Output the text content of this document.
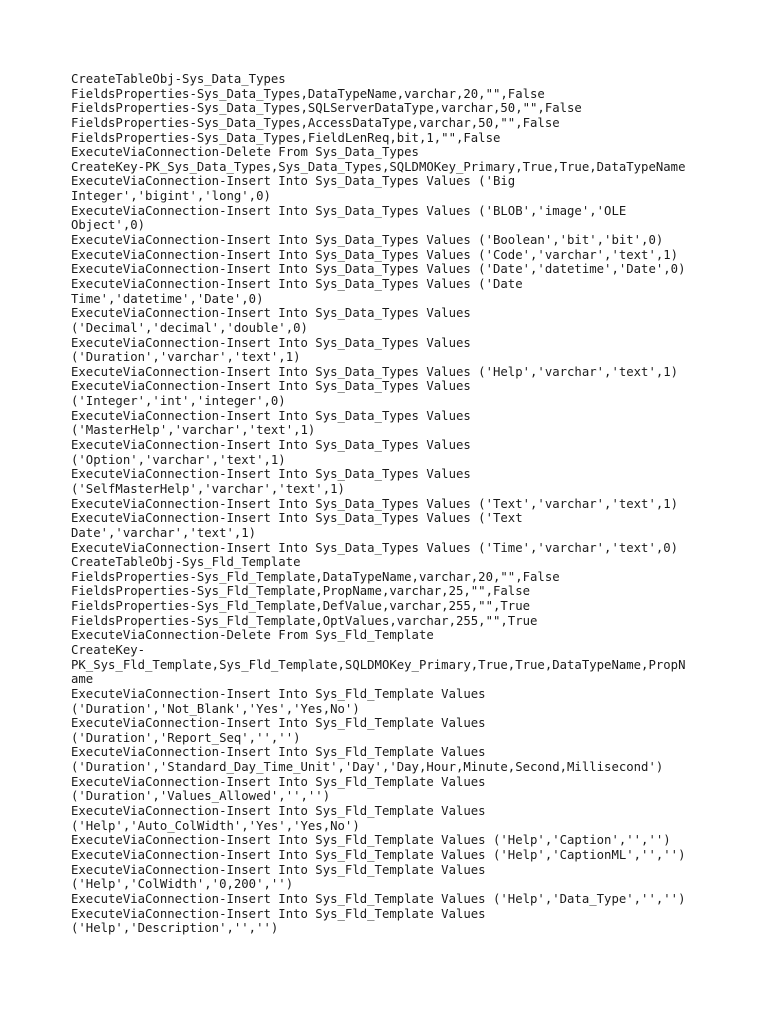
CreateTableObj-Sys_Data_Types
FieldsProperties-Sys_Data_Types,DataTypeName,varchar,20,"",False
FieldsProperties-Sys_Data_Types,SQLServerDataType,varchar,50,"",False
FieldsProperties-Sys_Data_Types,AccessDataType,varchar,50,"",False
FieldsProperties-Sys_Data_Types,FieldLenReq,bit,1,"",False
ExecuteViaConnection-Delete From Sys_Data_Types
CreateKey-PK_Sys_Data_Types,Sys_Data_Types,SQLDMOKey_Primary,True,True,DataTypeName
ExecuteViaConnection-Insert Into Sys_Data_Types Values ('Big
Integer','bigint','long',0)
ExecuteViaConnection-Insert Into Sys_Data_Types Values ('BLOB','image','OLE
Object',0)
ExecuteViaConnection-Insert Into Sys_Data_Types Values ('Boolean','bit','bit',0)
ExecuteViaConnection-Insert Into Sys_Data_Types Values ('Code','varchar','text',1)
ExecuteViaConnection-Insert Into Sys_Data_Types Values ('Date','datetime','Date',0)
ExecuteViaConnection-Insert Into Sys_Data_Types Values ('Date
Time','datetime','Date',0)
ExecuteViaConnection-Insert Into Sys_Data_Types Values
('Decimal','decimal','double',0)
ExecuteViaConnection-Insert Into Sys_Data_Types Values
('Duration','varchar','text',1)
ExecuteViaConnection-Insert Into Sys_Data_Types Values ('Help','varchar','text',1)
ExecuteViaConnection-Insert Into Sys_Data_Types Values
('Integer','int','integer',0)
ExecuteViaConnection-Insert Into Sys_Data_Types Values
('MasterHelp','varchar','text',1)
ExecuteViaConnection-Insert Into Sys_Data_Types Values
('Option','varchar','text',1)
ExecuteViaConnection-Insert Into Sys_Data_Types Values
('SelfMasterHelp','varchar','text',1)
ExecuteViaConnection-Insert Into Sys_Data_Types Values ('Text','varchar','text',1)
ExecuteViaConnection-Insert Into Sys_Data_Types Values ('Text
Date','varchar','text',1)
ExecuteViaConnection-Insert Into Sys_Data_Types Values ('Time','varchar','text',0)
CreateTableObj-Sys_Fld_Template
FieldsProperties-Sys_Fld_Template,DataTypeName,varchar,20,"",False
FieldsProperties-Sys_Fld_Template,PropName,varchar,25,"",False
FieldsProperties-Sys_Fld_Template,DefValue,varchar,255,"",True
FieldsProperties-Sys_Fld_Template,OptValues,varchar,255,"",True
ExecuteViaConnection-Delete From Sys_Fld_Template
CreateKey-
PK_Sys_Fld_Template,Sys_Fld_Template,SQLDMOKey_Primary,True,True,DataTypeName,PropN
ame
ExecuteViaConnection-Insert Into Sys_Fld_Template Values
('Duration','Not_Blank','Yes','Yes,No')
ExecuteViaConnection-Insert Into Sys_Fld_Template Values
('Duration','Report_Seq','','')
ExecuteViaConnection-Insert Into Sys_Fld_Template Values
('Duration','Standard_Day_Time_Unit','Day','Day,Hour,Minute,Second,Millisecond')
ExecuteViaConnection-Insert Into Sys_Fld_Template Values
('Duration','Values_Allowed','','')
ExecuteViaConnection-Insert Into Sys_Fld_Template Values
('Help','Auto_ColWidth','Yes','Yes,No')
ExecuteViaConnection-Insert Into Sys_Fld_Template Values ('Help','Caption','','')
ExecuteViaConnection-Insert Into Sys_Fld_Template Values ('Help','CaptionML','','')
ExecuteViaConnection-Insert Into Sys_Fld_Template Values
('Help','ColWidth','0,200','')
ExecuteViaConnection-Insert Into Sys_Fld_Template Values ('Help','Data_Type','','')
ExecuteViaConnection-Insert Into Sys_Fld_Template Values
('Help','Description','','')
